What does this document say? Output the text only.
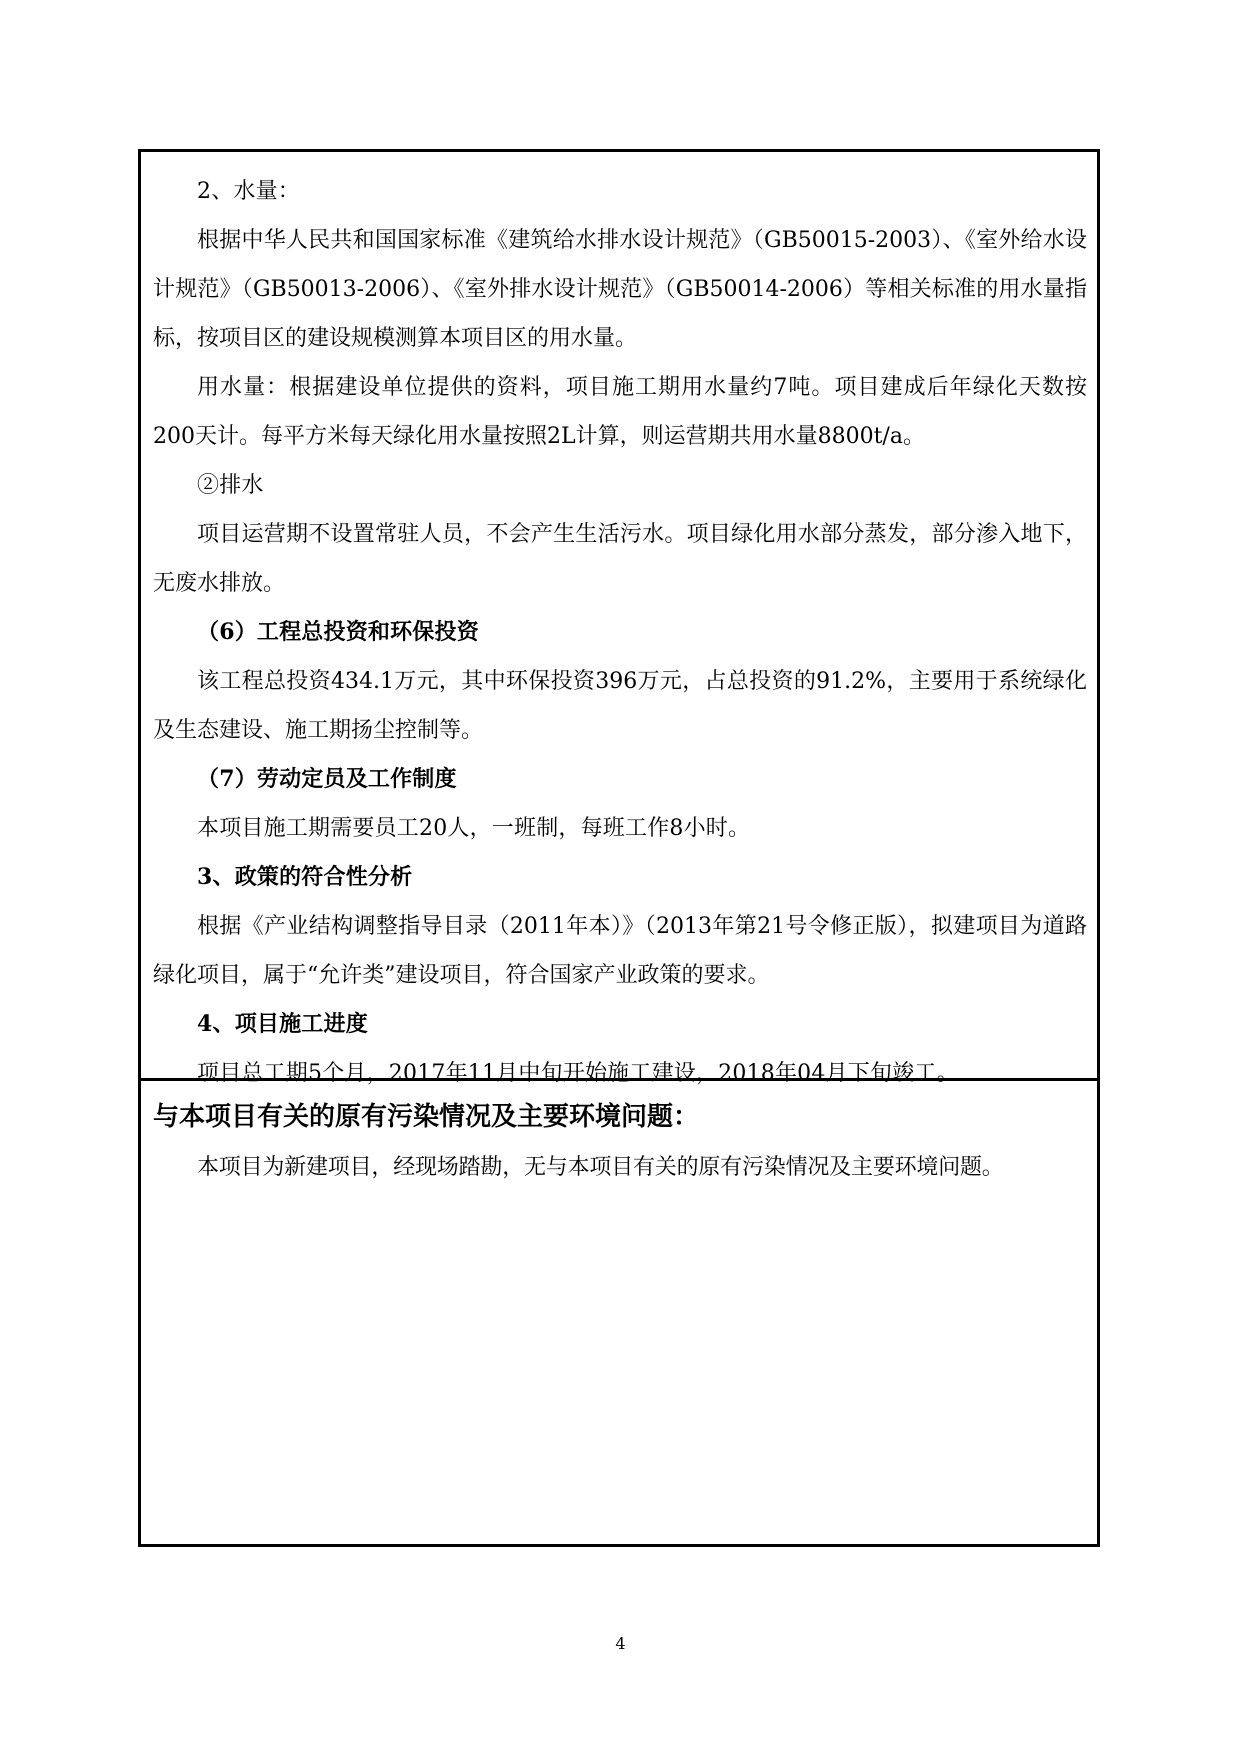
2、水量：
根据中华人民共和国国家标准《建筑给水排水设计规范》（GB50015-2003）、《室外给水设计规范》（GB50013-2006）、《室外排水设计规范》（GB50014-2006）等相关标准的用水量指标，按项目区的建设规模测算本项目区的用水量。
用水量：根据建设单位提供的资料，项目施工期用水量约7吨。项目建成后年绿化天数按200天计。每平方米每天绿化用水量按照2L计算，则运营期共用水量8800t/a。
②排水
项目运营期不设置常驻人员，不会产生生活污水。项目绿化用水部分蒸发，部分渗入地下，无废水排放。
（6）工程总投资和环保投资
该工程总投资434.1万元，其中环保投资396万元，占总投资的91.2%，主要用于系统绿化及生态建设、施工期扬尘控制等。
（7）劳动定员及工作制度
本项目施工期需要员工20人，一班制，每班工作8小时。
3、政策的符合性分析
根据《产业结构调整指导目录（2011年本）》（2013年第21号令修正版），拟建项目为道路绿化项目，属于“允许类”建设项目，符合国家产业政策的要求。
4、项目施工进度
项目总工期5个月，2017年11月中旬开始施工建设，2018年04月下旬竣工。
与本项目有关的原有污染情况及主要环境问题：
本项目为新建项目，经现场踏勘，无与本项目有关的原有污染情况及主要环境问题。
4
